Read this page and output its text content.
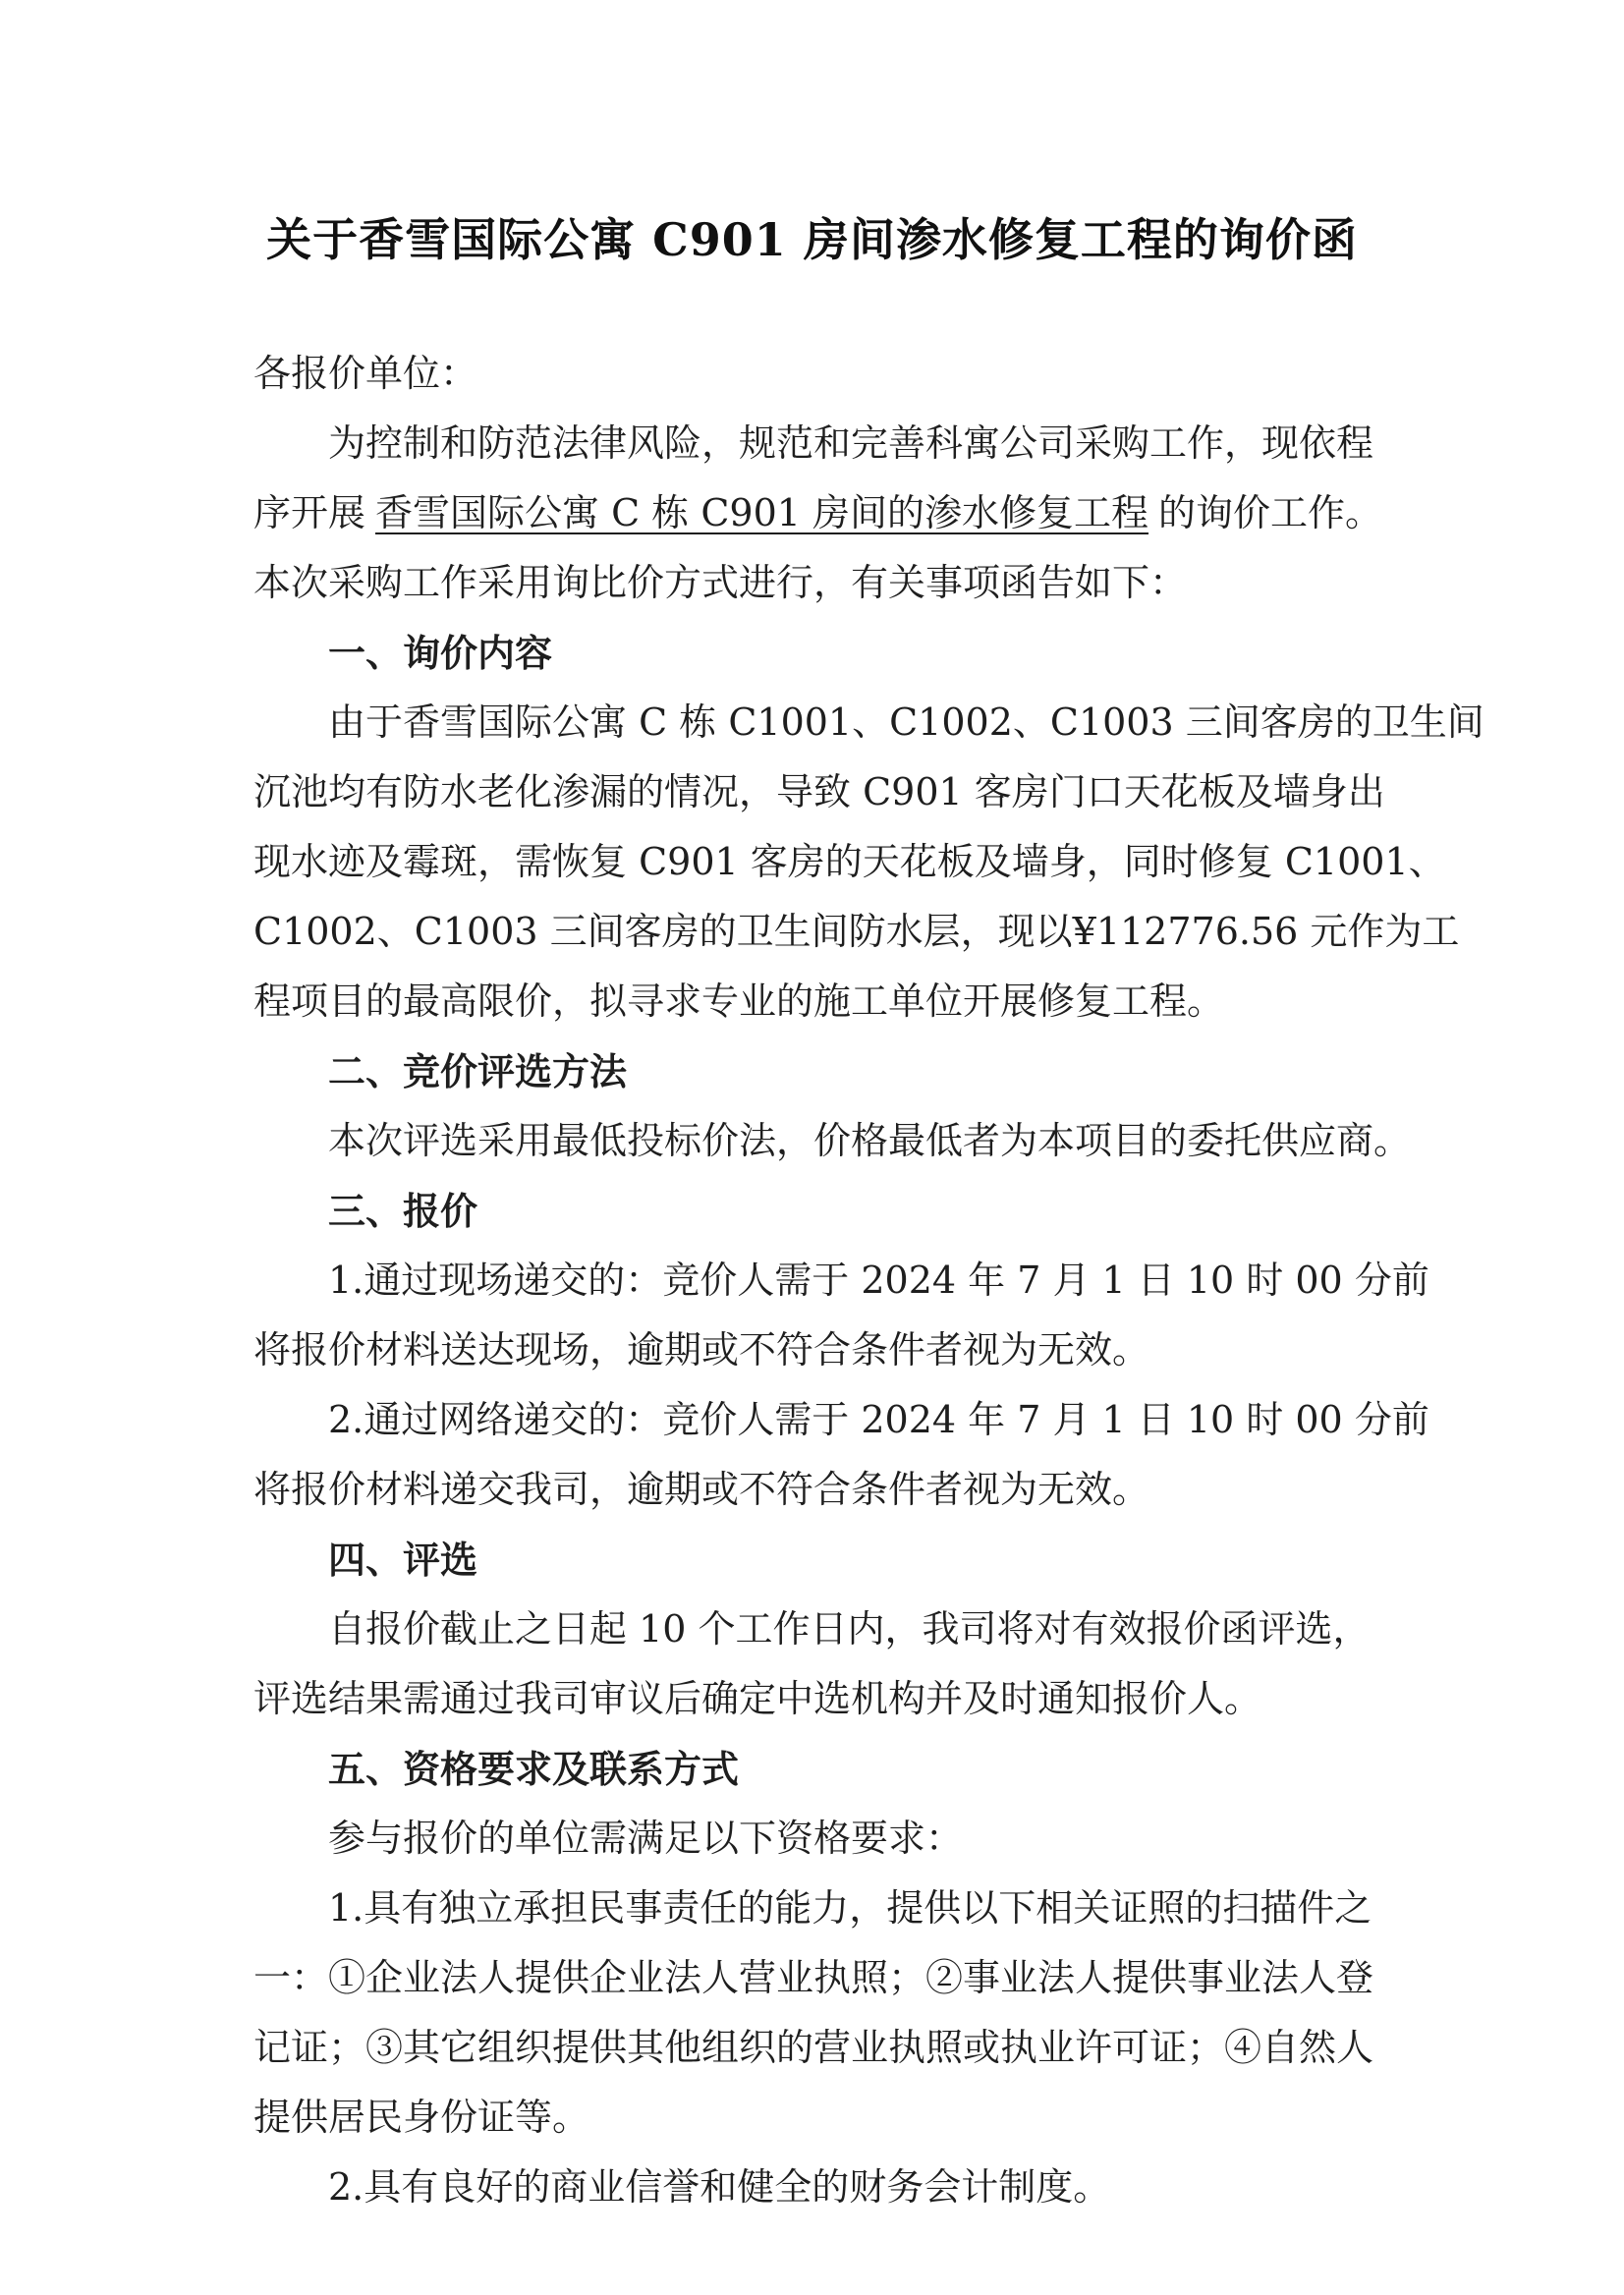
关于香雪国际公寓 C901 房间渗水修复工程的询价函
各报价单位：
为控制和防范法律风险，规范和完善科寓公司采购工作，现依程
序开展 香雪国际公寓 C 栋 C901 房间的渗水修复工程 的询价工作。
本次采购工作采用询比价方式进行，有关事项函告如下：
一、询价内容
由于香雪国际公寓 C 栋 C1001、C1002、C1003 三间客房的卫生间
沉池均有防水老化渗漏的情况，导致 C901 客房门口天花板及墙身出
现水迹及霉斑，需恢复 C901 客房的天花板及墙身，同时修复 C1001、
C1002、C1003 三间客房的卫生间防水层，现以¥112776.56 元作为工
程项目的最高限价，拟寻求专业的施工单位开展修复工程。
二、竞价评选方法
本次评选采用最低投标价法，价格最低者为本项目的委托供应商。
三、报价
1.通过现场递交的：竞价人需于 2024 年 7 月 1 日 10 时 00 分前
将报价材料送达现场，逾期或不符合条件者视为无效。
2.通过网络递交的：竞价人需于 2024 年 7 月 1 日 10 时 00 分前
将报价材料递交我司，逾期或不符合条件者视为无效。
四、评选
自报价截止之日起 10 个工作日内，我司将对有效报价函评选，
评选结果需通过我司审议后确定中选机构并及时通知报价人。
五、资格要求及联系方式
参与报价的单位需满足以下资格要求：
1.具有独立承担民事责任的能力，提供以下相关证照的扫描件之
一：①企业法人提供企业法人营业执照；②事业法人提供事业法人登
记证；③其它组织提供其他组织的营业执照或执业许可证；④自然人
提供居民身份证等。
2.具有良好的商业信誉和健全的财务会计制度。
